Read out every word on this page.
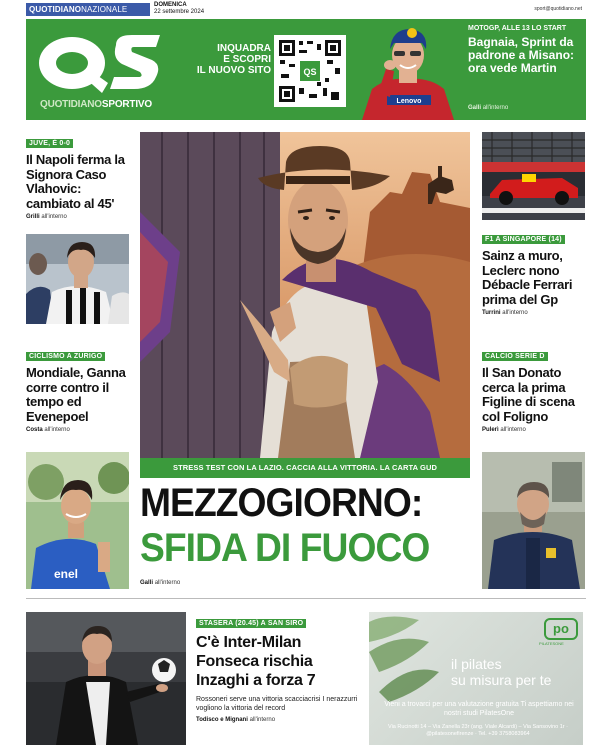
QUOTIDIANONAZIONALE	DOMENICA
22 settembre 2024	sport@quotidiano.net
QUOTIDIANOSPORTIVO
INQUADRA
E SCOPRI
IL NUOVO SITO	QS
Lenovo
MOTOGP, ALLE 13 LO START
Bagnaia, Sprint da padrone a Misano: ora vede Martin
Galli all'interno
JUVE, È 0-0
Il Napoli ferma la Signora Caso Vlahovic: cambiato al 45'
Grilli all'interno
CICLISMO A ZURIGO
Mondiale, Ganna corre contro il tempo ed Evenepoel
Costa all'interno
enel
F1 A SINGAPORE (14)
Sainz a muro, Leclerc nono Débacle Ferrari prima del Gp
Turrini all'interno
CALCIO SERIE D
Il San Donato cerca la prima Figline di scena col Foligno
Pulerì all'interno
STRESS TEST CON LA LAZIO. CACCIA ALLA VITTORIA. LA CARTA GUD
MEZZOGIORNO:
SFIDA DI FUOCO
Galli all'interno
STASERA (20.45) A SAN SIRO
C'è Inter-Milan Fonseca rischia Inzaghi a forza 7
Rossoneri serve una vittoria scacciacrisi I nerazzurri vogliono la vittoria del record
Todisco e Mignani all'interno
po
PILATESONE
il pilates
su misura per te
Vieni a trovarci per una valutazione gratuita Ti aspettiamo nei nostri studi PilatesOne
Via Rucinotti 14 – Via Zanella 23r (ang. Viale Alcardi) – Via Sansovino 1r · @pilatesonefirenze · Tel. +39 3758083964
